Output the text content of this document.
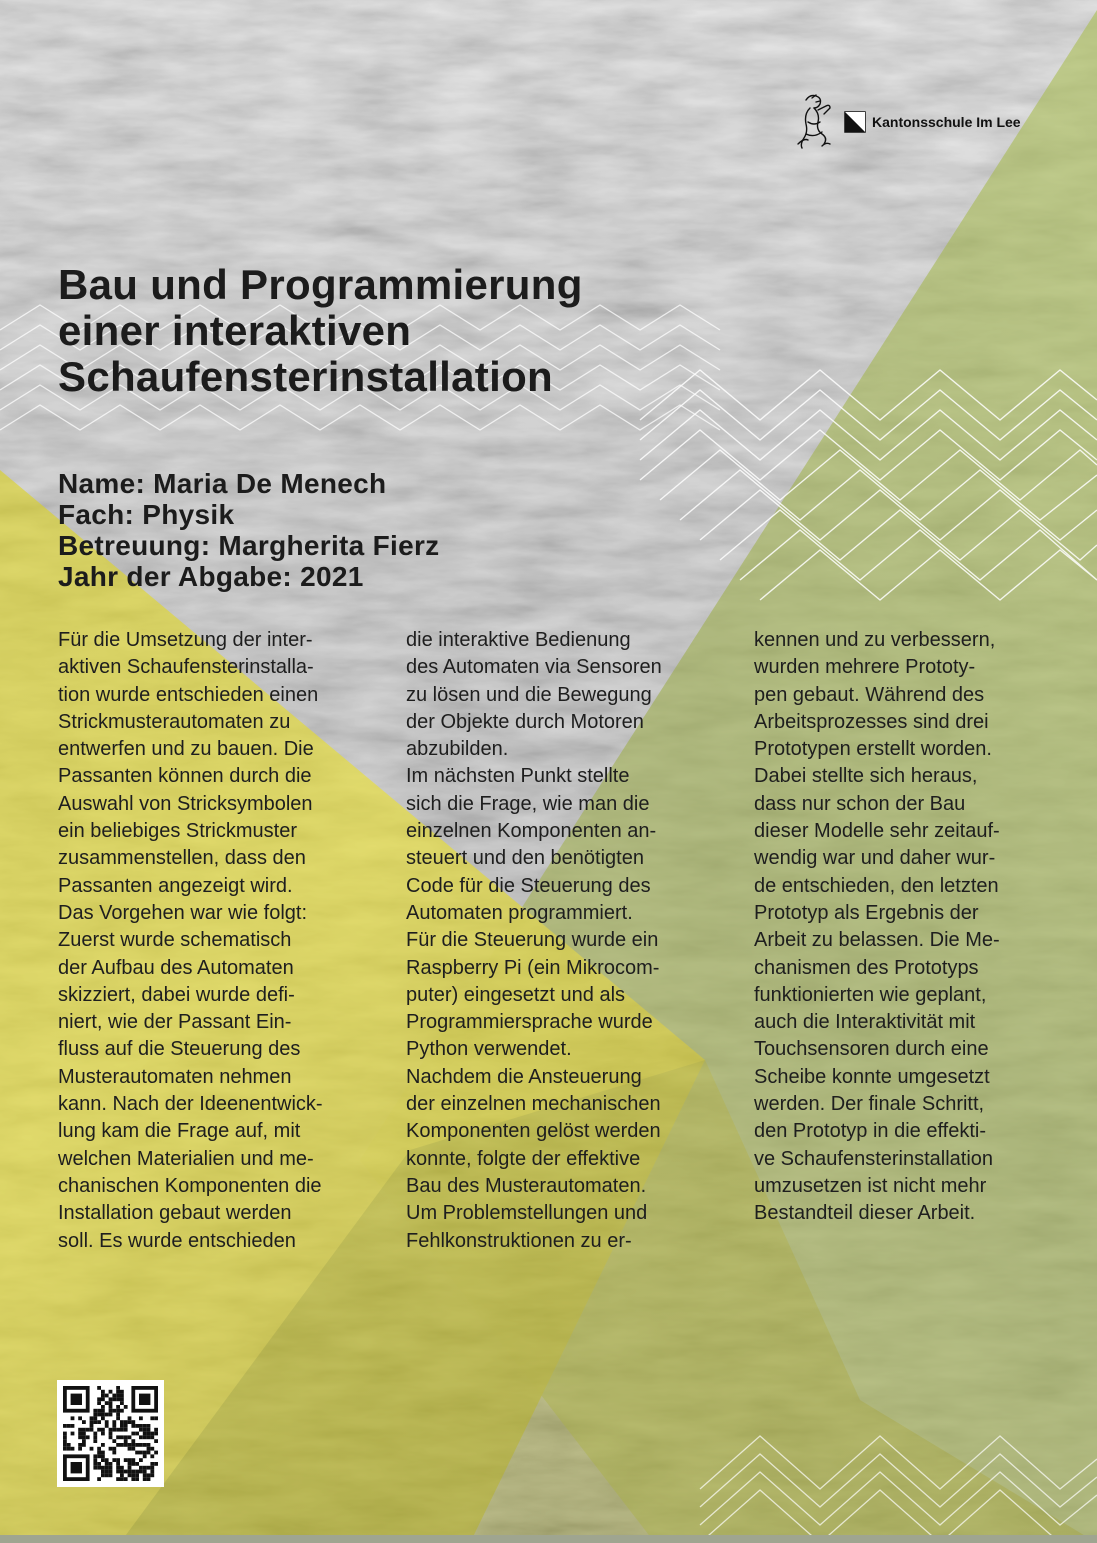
Kantonsschule Im Lee
Bau und Programmierung
einer interaktiven
Schaufensterinstallation
Name: Maria De Menech
Fach: Physik
Betreuung: Margherita Fierz
Jahr der Abgabe: 2021
Für die Umsetzung der inter-
aktiven Schaufensterinstalla-
tion wurde entschieden einen
Strickmusterautomaten zu
entwerfen und zu bauen. Die
Passanten können durch die
Auswahl von Stricksymbolen
ein beliebiges Strickmuster
zusammenstellen, dass den
Passanten angezeigt wird.
Das Vorgehen war wie folgt:
Zuerst wurde schematisch
der Aufbau des Automaten
skizziert, dabei wurde defi-
niert, wie der Passant Ein-
fluss auf die Steuerung des
Musterautomaten nehmen
kann. Nach der Ideenentwick-
lung kam die Frage auf, mit
welchen Materialien und me-
chanischen Komponenten die
Installation gebaut werden
soll. Es wurde entschieden
die interaktive Bedienung
des Automaten via Sensoren
zu lösen und die Bewegung
der Objekte durch Motoren
abzubilden.
Im nächsten Punkt stellte
sich die Frage, wie man die
einzelnen Komponenten an-
steuert und den benötigten
Code für die Steuerung des
Automaten programmiert.
Für die Steuerung wurde ein
Raspberry Pi (ein Mikrocom-
puter) eingesetzt und als
Programmiersprache wurde
Python verwendet.
Nachdem die Ansteuerung
der einzelnen mechanischen
Komponenten gelöst werden
konnte, folgte der effektive
Bau des Musterautomaten.
Um Problemstellungen und
Fehlkonstruktionen zu er-
kennen und zu verbessern,
wurden mehrere Prototy-
pen gebaut. Während des
Arbeitsprozesses sind drei
Prototypen erstellt worden.
Dabei stellte sich heraus,
dass nur schon der Bau
dieser Modelle sehr zeitauf-
wendig war und daher wur-
de entschieden, den letzten
Prototyp als Ergebnis der
Arbeit zu belassen. Die Me-
chanismen des Prototyps
funktionierten wie geplant,
auch die Interaktivität mit
Touchsensoren durch eine
Scheibe konnte umgesetzt
werden. Der finale Schritt,
den Prototyp in die effekti-
ve Schaufensterinstallation
umzusetzen ist nicht mehr
Bestandteil dieser Arbeit.
